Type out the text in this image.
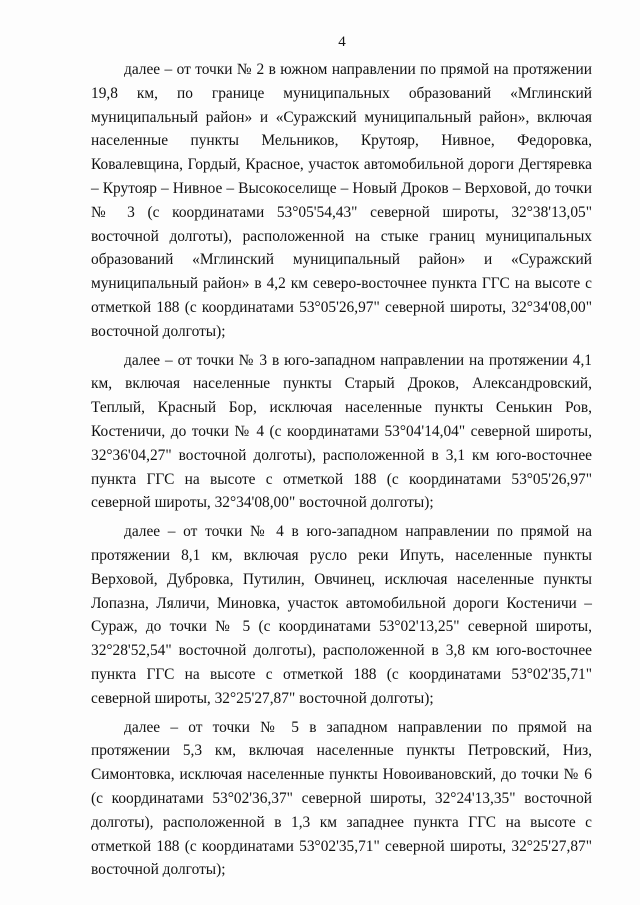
4

далее – от точки № 2 в южном направлении по прямой на протяжении 19,8 км, по границе муниципальных образований «Мглинский муниципальный район» и «Суражский муниципальный район», включая населенные пункты Мельников, Крутояр, Нивное, Федоровка, Ковалевщина, Гордый, Красное, участок автомобильной дороги Дегтяревка – Крутояр – Нивное – Высокоселище – Новый Дроков – Верховой, до точки № 3 (с координатами 53°05'54,43" северной широты, 32°38'13,05" восточной долготы), расположенной на стыке границ муниципальных образований «Мглинский муниципальный район» и «Суражский муниципальный район» в 4,2 км северо-восточнее пункта ГГС на высоте с отметкой 188 (с координатами 53°05'26,97" северной широты, 32°34'08,00" восточной долготы);

далее – от точки № 3 в юго-западном направлении на протяжении 4,1 км, включая населенные пункты Старый Дроков, Александровский, Теплый, Красный Бор, исключая населенные пункты Сенькин Ров, Костеничи, до точки № 4 (с координатами 53°04'14,04" северной широты, 32°36'04,27" восточной долготы), расположенной в 3,1 км юго-восточнее пункта ГГС на высоте с отметкой 188 (с координатами 53°05'26,97" северной широты, 32°34'08,00" восточной долготы);

далее – от точки № 4 в юго-западном направлении по прямой на протяжении 8,1 км, включая русло реки Ипуть, населенные пункты Верховой, Дубровка, Путилин, Овчинец, исключая населенные пункты Лопазна, Ляличи, Миновка, участок автомобильной дороги Костеничи – Сураж, до точки № 5 (с координатами 53°02'13,25" северной широты, 32°28'52,54" восточной долготы), расположенной в 3,8 км юго-восточнее пункта ГГС на высоте с отметкой 188 (с координатами 53°02'35,71" северной широты, 32°25'27,87" восточной долготы);

далее – от точки № 5 в западном направлении по прямой на протяжении 5,3 км, включая населенные пункты Петровский, Низ, Симонтовка, исключая населенные пункты Новоивановский, до точки № 6 (с координатами 53°02'36,37" северной широты, 32°24'13,35" восточной долготы), расположенной в 1,3 км западнее пункта ГГС на высоте с отметкой 188 (с координатами 53°02'35,71" северной широты, 32°25'27,87" восточной долготы);
